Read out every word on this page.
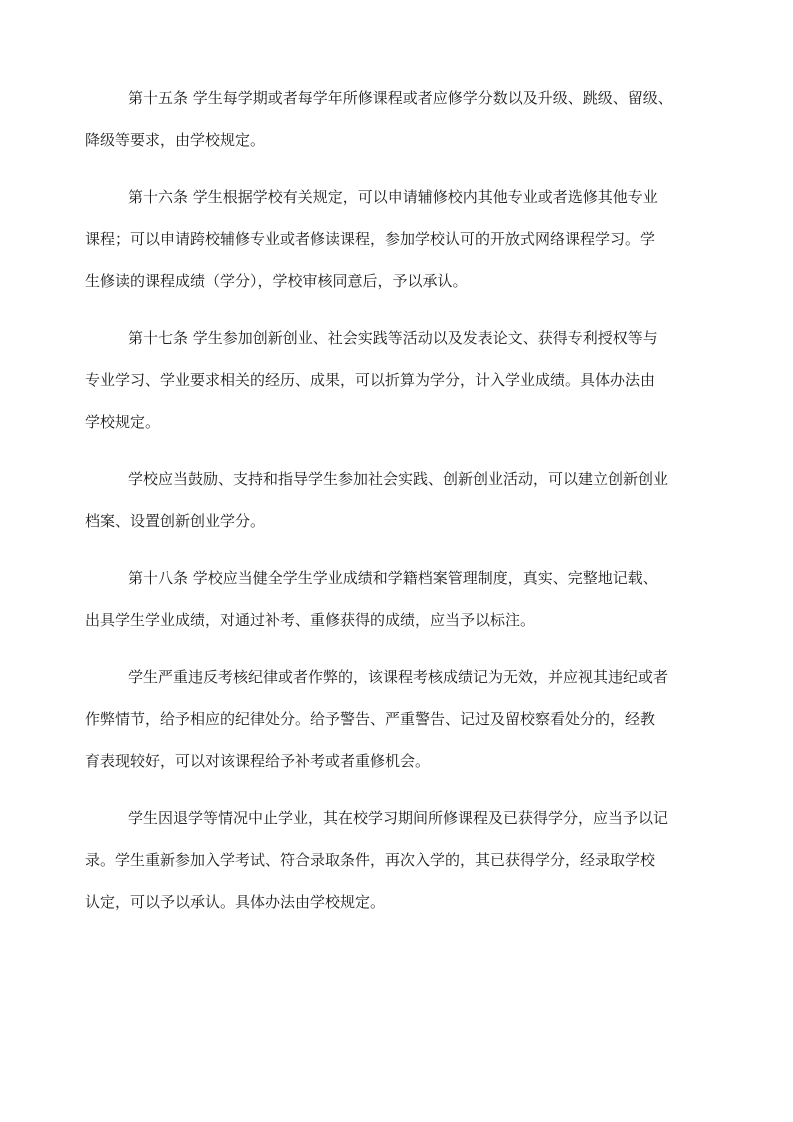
第十五条 学生每学期或者每学年所修课程或者应修学分数以及升级、跳级、留级、
降级等要求，由学校规定。

第十六条 学生根据学校有关规定，可以申请辅修校内其他专业或者选修其他专业
课程；可以申请跨校辅修专业或者修读课程，参加学校认可的开放式网络课程学习。学
生修读的课程成绩（学分），学校审核同意后，予以承认。

第十七条 学生参加创新创业、社会实践等活动以及发表论文、获得专利授权等与
专业学习、学业要求相关的经历、成果，可以折算为学分，计入学业成绩。具体办法由
学校规定。

学校应当鼓励、支持和指导学生参加社会实践、创新创业活动，可以建立创新创业
档案、设置创新创业学分。

第十八条 学校应当健全学生学业成绩和学籍档案管理制度，真实、完整地记载、
出具学生学业成绩，对通过补考、重修获得的成绩，应当予以标注。

学生严重违反考核纪律或者作弊的，该课程考核成绩记为无效，并应视其违纪或者
作弊情节，给予相应的纪律处分。给予警告、严重警告、记过及留校察看处分的，经教
育表现较好，可以对该课程给予补考或者重修机会。

学生因退学等情况中止学业，其在校学习期间所修课程及已获得学分，应当予以记
录。学生重新参加入学考试、符合录取条件，再次入学的，其已获得学分，经录取学校
认定，可以予以承认。具体办法由学校规定。
